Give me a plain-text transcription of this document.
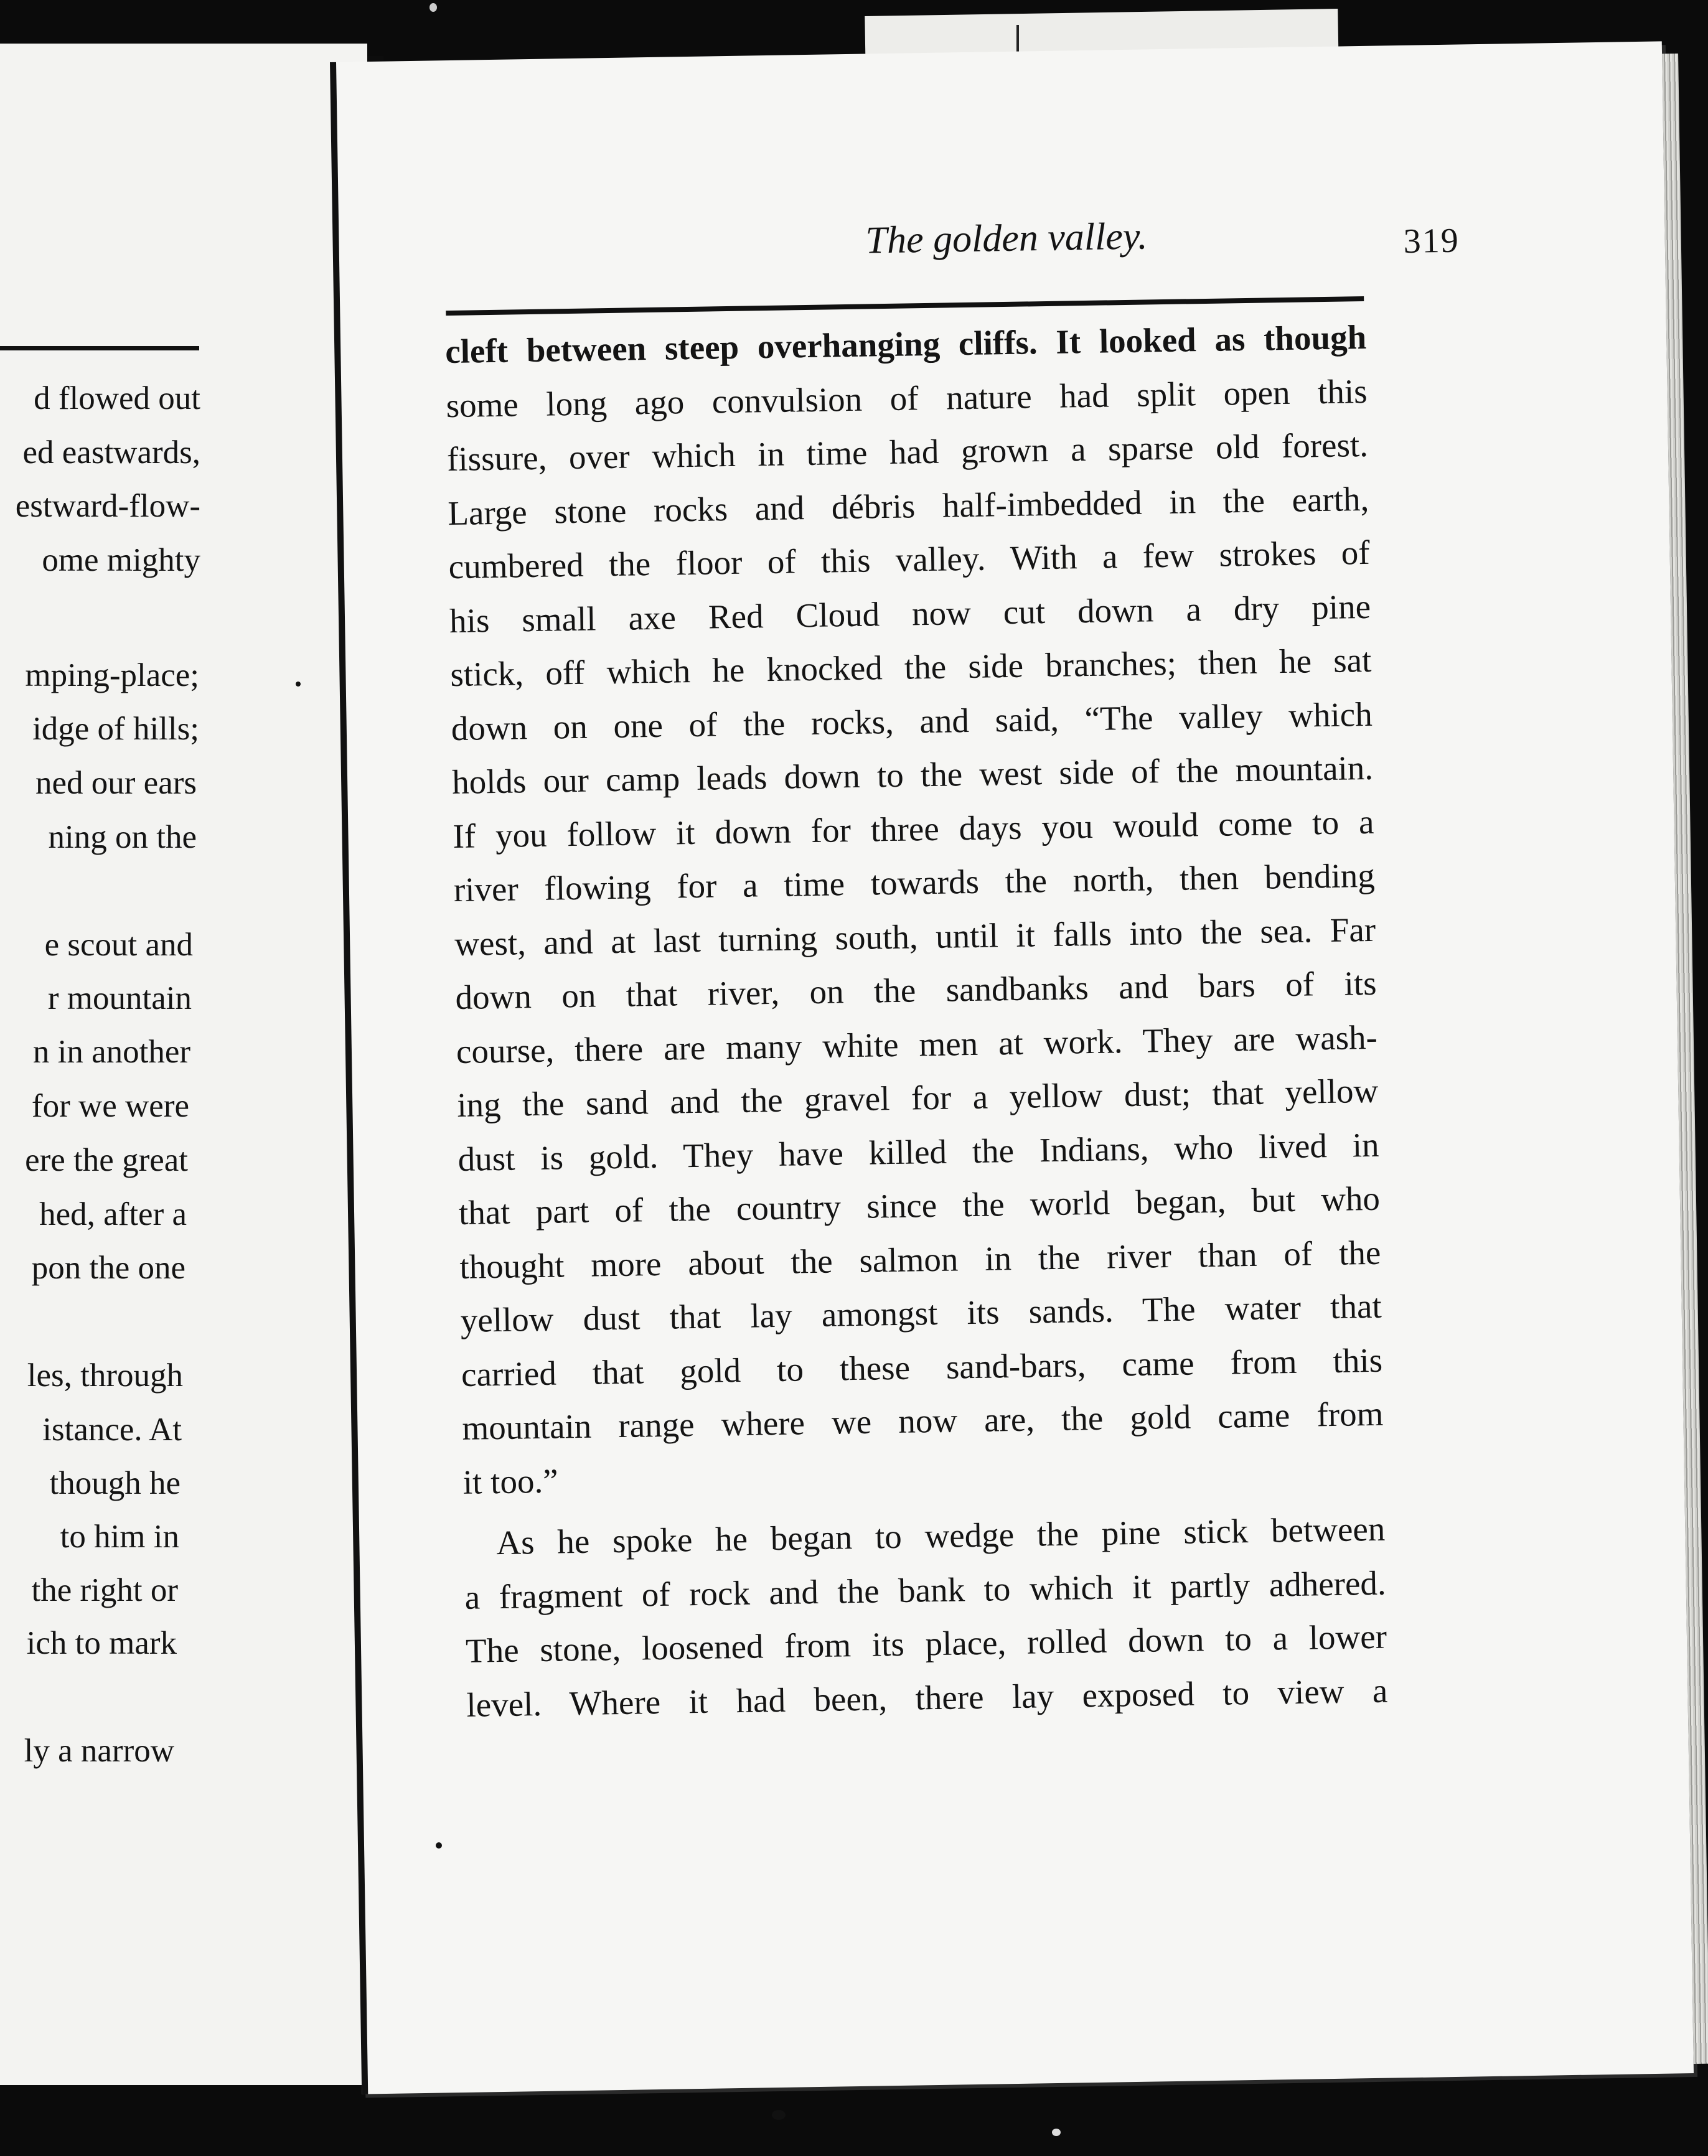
d flowed out
ed eastwards,
estward-flow-
ome mighty
mping-place;
idge of hills;
ned our ears
ning on the
e scout and
r mountain
n in another
for we were
ere the great
hed, after a
pon the one
les, through
istance. At
though he
to him in
the right or
ich to mark
ly a narrow
The golden valley.	319
cleft between steep overhanging cliffs. It looked as though
some long ago convulsion of nature had split open this
fissure, over which in time had grown a sparse old forest.
Large stone rocks and débris half-imbedded in the earth,
cumbered the floor of this valley. With a few strokes of
his small axe Red Cloud now cut down a dry pine
stick, off which he knocked the side branches; then he sat
down on one of the rocks, and said, “The valley which
holds our camp leads down to the west side of the mountain.
If you follow it down for three days you would come to a
river flowing for a time towards the north, then bending
west, and at last turning south, until it falls into the sea. Far
down on that river, on the sandbanks and bars of its
course, there are many white men at work. They are wash-
ing the sand and the gravel for a yellow dust; that yellow
dust is gold. They have killed the Indians, who lived in
that part of the country since the world began, but who
thought more about the salmon in the river than of the
yellow dust that lay amongst its sands. The water that
carried that gold to these sand-bars, came from this
mountain range where we now are, the gold came from
it too.”
As he spoke he began to wedge the pine stick between
a fragment of rock and the bank to which it partly adhered.
The stone, loosened from its place, rolled down to a lower
level. Where it had been, there lay exposed to view a
